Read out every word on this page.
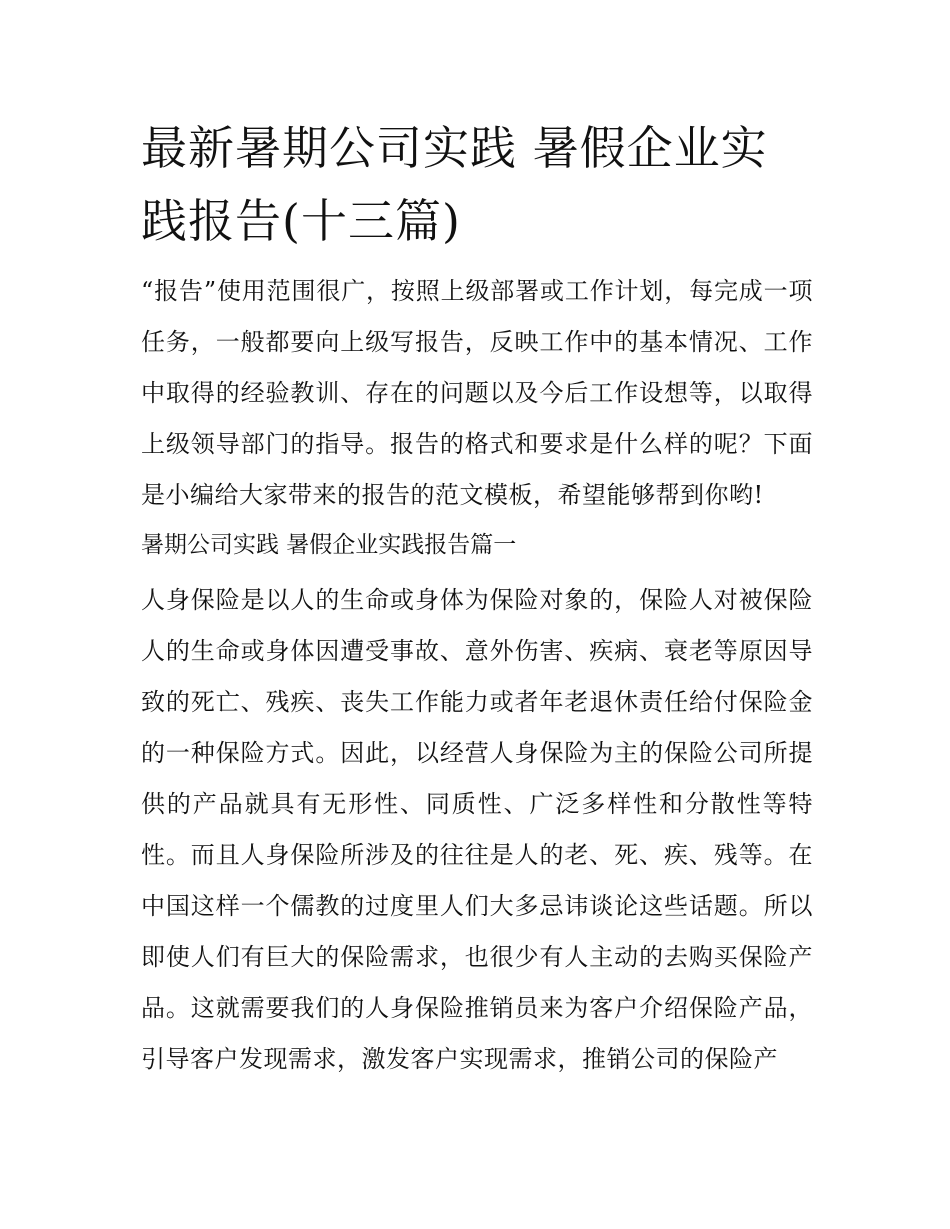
最新暑期公司实践 暑假企业实践报告(十三篇)

“报告”使用范围很广，按照上级部署或工作计划，每完成一项任务，一般都要向上级写报告，反映工作中的基本情况、工作中取得的经验教训、存在的问题以及今后工作设想等，以取得上级领导部门的指导。报告的格式和要求是什么样的呢？下面是小编给大家带来的报告的范文模板，希望能够帮到你哟!

暑期公司实践 暑假企业实践报告篇一

人身保险是以人的生命或身体为保险对象的，保险人对被保险人的生命或身体因遭受事故、意外伤害、疾病、衰老等原因导致的死亡、残疾、丧失工作能力或者年老退休责任给付保险金的一种保险方式。因此，以经营人身保险为主的保险公司所提供的产品就具有无形性、同质性、广泛多样性和分散性等特性。而且人身保险所涉及的往往是人的老、死、疾、残等。在中国这样一个儒教的过度里人们大多忌讳谈论这些话题。所以即使人们有巨大的保险需求，也很少有人主动的去购买保险产品。这就需要我们的人身保险推销员来为客户介绍保险产品，引导客户发现需求，激发客户实现需求，推销公司的保险产
